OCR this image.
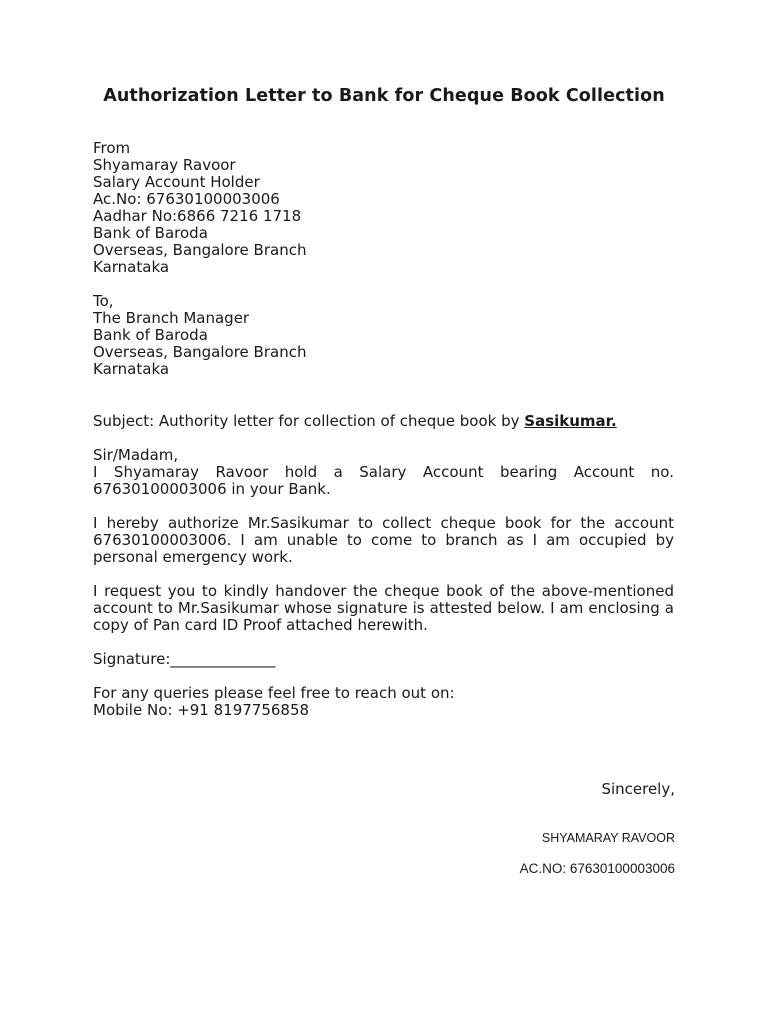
Authorization Letter to Bank for Cheque Book Collection
From
Shyamaray Ravoor
Salary Account Holder
Ac.No: 67630100003006
Aadhar No:6866 7216 1718
Bank of Baroda
Overseas, Bangalore Branch
Karnataka
To,
The Branch Manager
Bank of Baroda
Overseas, Bangalore Branch
Karnataka
Subject: Authority letter for collection of cheque book by Sasikumar.
Sir/Madam,
I Shyamaray Ravoor hold a Salary Account bearing Account no. 67630100003006 in your Bank.

I hereby authorize Mr.Sasikumar to collect cheque book for the account 67630100003006. I am unable to come to branch as I am occupied by personal emergency work.

I request you to kindly handover the cheque book of the above-mentioned account to Mr.Sasikumar whose signature is attested below. I am enclosing a copy of Pan card ID Proof attached herewith.

Signature:______________

For any queries please feel free to reach out on:
Mobile No: +91 8197756858
Sincerely,
SHYAMARAY RAVOOR
AC.NO: 67630100003006
